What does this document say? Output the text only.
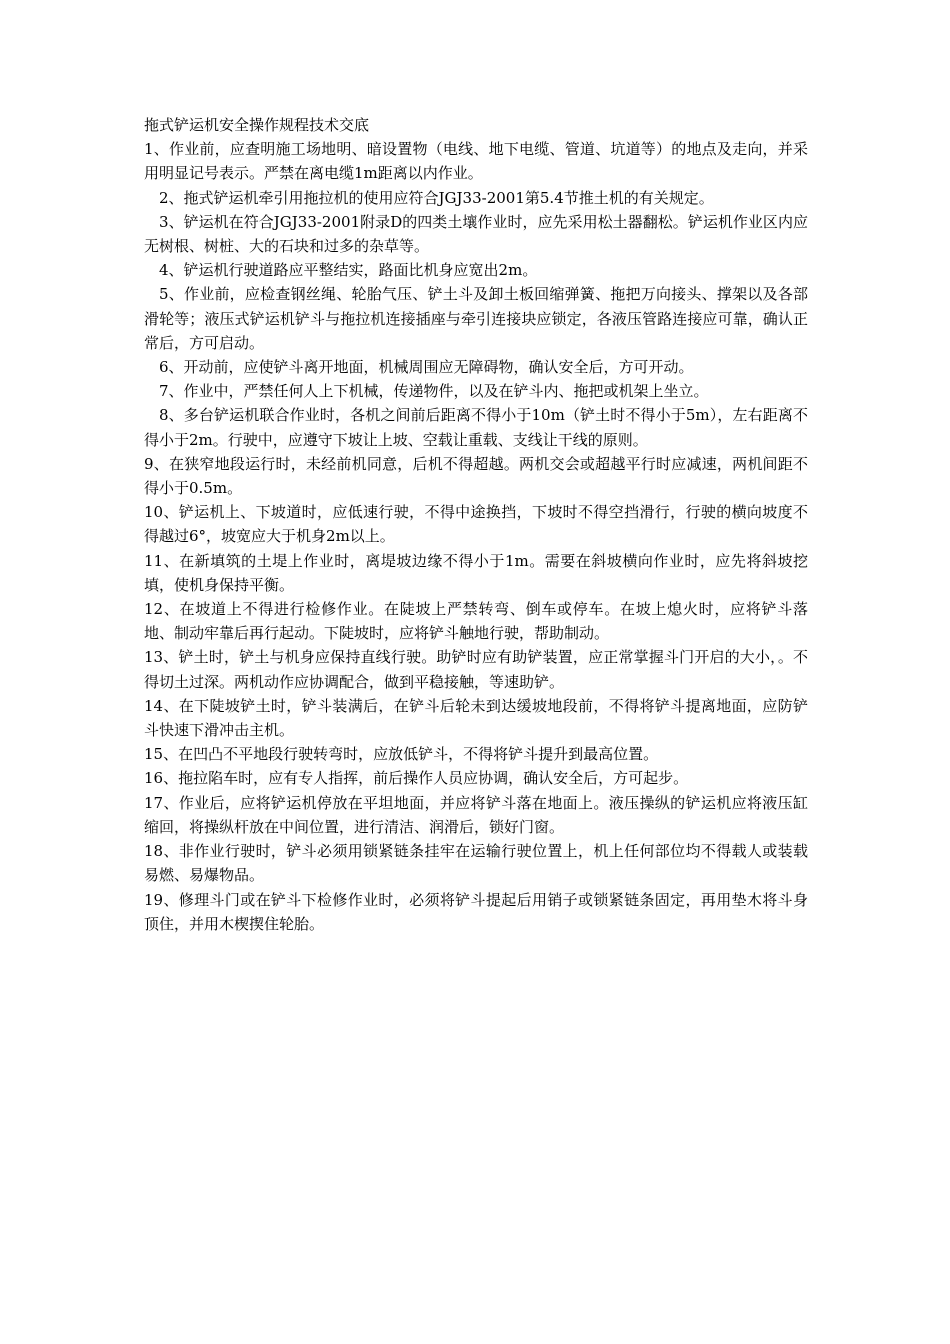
拖式铲运机安全操作规程技术交底

1、作业前，应查明施工场地明、暗设置物（电线、地下电缆、管道、坑道等）的地点及走向，并采用明显记号表示。严禁在离电缆1m距离以内作业。

2、拖式铲运机牵引用拖拉机的使用应符合JGJ33-2001第5.4节推土机的有关规定。

3、铲运机在符合JGJ33-2001附录D的四类土壤作业时，应先采用松土器翻松。铲运机作业区内应无树根、树桩、大的石块和过多的杂草等。

4、铲运机行驶道路应平整结实，路面比机身应宽出2m。

5、作业前，应检查钢丝绳、轮胎气压、铲土斗及卸土板回缩弹簧、拖把万向接头、撑架以及各部滑轮等；液压式铲运机铲斗与拖拉机连接插座与牵引连接块应锁定，各液压管路连接应可靠，确认正常后，方可启动。

6、开动前，应使铲斗离开地面，机械周围应无障碍物，确认安全后，方可开动。

7、作业中，严禁任何人上下机械，传递物件，以及在铲斗内、拖把或机架上坐立。

8、多台铲运机联合作业时，各机之间前后距离不得小于10m（铲土时不得小于5m），左右距离不得小于2m。行驶中，应遵守下坡让上坡、空载让重载、支线让干线的原则。

9、在狭窄地段运行时，未经前机同意，后机不得超越。两机交会或超越平行时应减速，两机间距不得小于0.5m。

10、铲运机上、下坡道时，应低速行驶，不得中途换挡，下坡时不得空挡滑行，行驶的横向坡度不得越过6°，坡宽应大于机身2m以上。

11、在新填筑的土堤上作业时，离堤坡边缘不得小于1m。需要在斜坡横向作业时，应先将斜坡挖填，使机身保持平衡。

12、在坡道上不得进行检修作业。在陡坡上严禁转弯、倒车或停车。在坡上熄火时，应将铲斗落地、制动牢靠后再行起动。下陡坡时，应将铲斗触地行驶，帮助制动。

13、铲土时，铲土与机身应保持直线行驶。助铲时应有助铲装置，应正常掌握斗门开启的大小，。不得切土过深。两机动作应协调配合，做到平稳接触，等速助铲。

14、在下陡坡铲土时，铲斗装满后，在铲斗后轮未到达缓坡地段前，不得将铲斗提离地面，应防铲斗快速下滑冲击主机。

15、在凹凸不平地段行驶转弯时，应放低铲斗，不得将铲斗提升到最高位置。

16、拖拉陷车时，应有专人指挥，前后操作人员应协调，确认安全后，方可起步。

17、作业后，应将铲运机停放在平坦地面，并应将铲斗落在地面上。液压操纵的铲运机应将液压缸缩回，将操纵杆放在中间位置，进行清洁、润滑后，锁好门窗。

18、非作业行驶时，铲斗必须用锁紧链条挂牢在运输行驶位置上，机上任何部位均不得载人或装载易燃、易爆物品。

19、修理斗门或在铲斗下检修作业时，必须将铲斗提起后用销子或锁紧链条固定，再用垫木将斗身顶住，并用木楔揳住轮胎。
